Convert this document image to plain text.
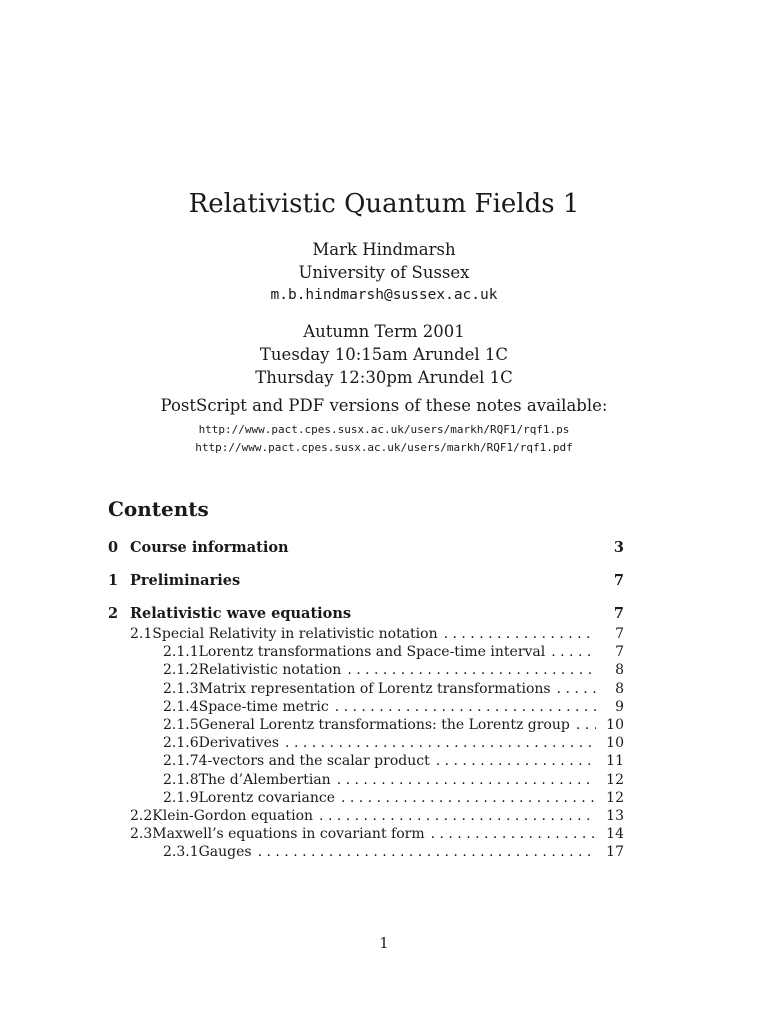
Relativistic Quantum Fields 1
Mark Hindmarsh
University of Sussex
m.b.hindmarsh@sussex.ac.uk
Autumn Term 2001
Tuesday 10:15am Arundel 1C
Thursday 12:30pm Arundel 1C
PostScript and PDF versions of these notes available:
http://www.pact.cpes.susx.ac.uk/users/markh/RQF1/rqf1.ps
http://www.pact.cpes.susx.ac.uk/users/markh/RQF1/rqf1.pdf
Contents
0 Course information	3
1 Preliminaries	7
2 Relativistic wave equations	7
2.1 Special Relativity in relativistic notation . . .	7
2.1.1 Lorentz transformations and Space-time interval . . .	7
2.1.2 Relativistic notation . . .	8
2.1.3 Matrix representation of Lorentz transformations . . .	8
2.1.4 Space-time metric . . .	9
2.1.5 General Lorentz transformations: the Lorentz group . . .	10
2.1.6 Derivatives . . .	10
2.1.7 4-vectors and the scalar product . . .	11
2.1.8 The d’Alembertian . . .	12
2.1.9 Lorentz covariance . . .	12
2.2 Klein-Gordon equation . . .	13
2.3 Maxwell’s equations in covariant form . . .	14
2.3.1 Gauges . . .	17
1
